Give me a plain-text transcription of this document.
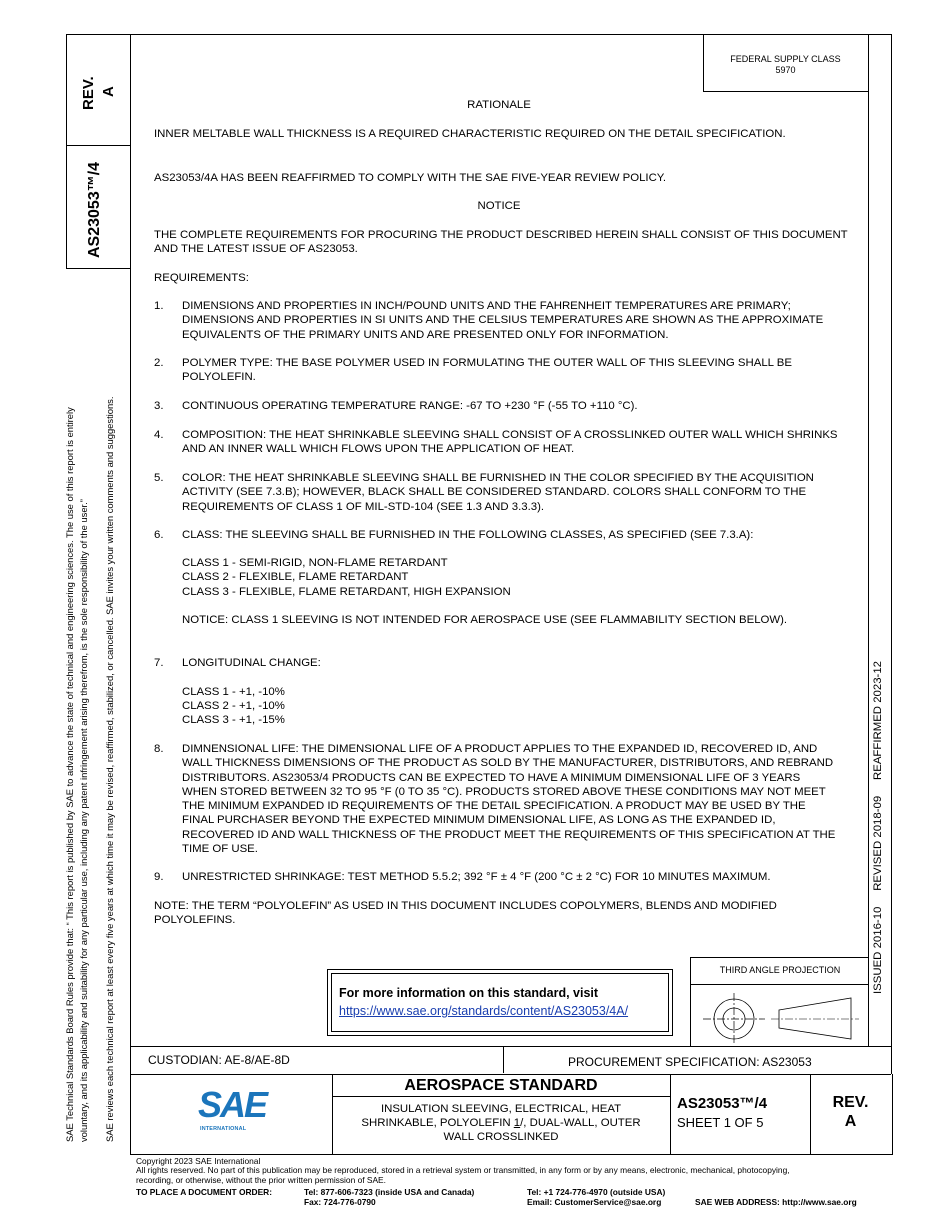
FEDERAL SUPPLY CLASS
5970
REV. A
AS23053™/4
SAE Technical Standards Board Rules provide that: “ This report is published by SAE to advance the state of technical and engineering sciences. The use of this report is entirely voluntary, and its applicability and suitability for any particular use, including any patent infringement arising therefrom, is the sole responsibility of the user.” SAE reviews each technical report at least every five years at which time it may be revised, reaffirmed, stabilized, or cancelled. SAE invites your written comments and suggestions.	ISSUED 2016-10     REVISED 2018-09     REAFFIRMED 2023-12
RATIONALE
INNER MELTABLE WALL THICKNESS IS A REQUIRED CHARACTERISTIC REQUIRED ON THE DETAIL SPECIFICATION.
AS23053/4A HAS BEEN REAFFIRMED TO COMPLY WITH THE SAE FIVE-YEAR REVIEW POLICY.
NOTICE
THE COMPLETE REQUIREMENTS FOR PROCURING THE PRODUCT DESCRIBED HEREIN SHALL CONSIST OF THIS DOCUMENT AND THE LATEST ISSUE OF AS23053.
REQUIREMENTS:
1. DIMENSIONS AND PROPERTIES IN INCH/POUND UNITS AND THE FAHRENHEIT TEMPERATURES ARE PRIMARY; DIMENSIONS AND PROPERTIES IN SI UNITS AND THE CELSIUS TEMPERATURES ARE SHOWN AS THE APPROXIMATE EQUIVALENTS OF THE PRIMARY UNITS AND ARE PRESENTED ONLY FOR INFORMATION.
2. POLYMER TYPE: THE BASE POLYMER USED IN FORMULATING THE OUTER WALL OF THIS SLEEVING SHALL BE POLYOLEFIN.
3. CONTINUOUS OPERATING TEMPERATURE RANGE: -67 TO +230 °F (-55 TO +110 °C).
4. COMPOSITION: THE HEAT SHRINKABLE SLEEVING SHALL CONSIST OF A CROSSLINKED OUTER WALL WHICH SHRINKS AND AN INNER WALL WHICH FLOWS UPON THE APPLICATION OF HEAT.
5. COLOR: THE HEAT SHRINKABLE SLEEVING SHALL BE FURNISHED IN THE COLOR SPECIFIED BY THE ACQUISITION ACTIVITY (SEE 7.3.B); HOWEVER, BLACK SHALL BE CONSIDERED STANDARD. COLORS SHALL CONFORM TO THE REQUIREMENTS OF CLASS 1 OF MIL-STD-104 (SEE 1.3 AND 3.3.3).
6. CLASS: THE SLEEVING SHALL BE FURNISHED IN THE FOLLOWING CLASSES, AS SPECIFIED (SEE 7.3.A):
CLASS 1 - SEMI-RIGID, NON-FLAME RETARDANT
CLASS 2 - FLEXIBLE, FLAME RETARDANT
CLASS 3 - FLEXIBLE, FLAME RETARDANT, HIGH EXPANSION
NOTICE: CLASS 1 SLEEVING IS NOT INTENDED FOR AEROSPACE USE (SEE FLAMMABILITY SECTION BELOW).
7. LONGITUDINAL CHANGE:
CLASS 1 - +1, -10%
CLASS 2 - +1, -10%
CLASS 3 - +1, -15%
8. DIMNENSIONAL LIFE: THE DIMENSIONAL LIFE OF A PRODUCT APPLIES TO THE EXPANDED ID, RECOVERED ID, AND WALL THICKNESS DIMENSIONS OF THE PRODUCT AS SOLD BY THE MANUFACTURER, DISTRIBUTORS, AND REBRAND DISTRIBUTORS. AS23053/4 PRODUCTS CAN BE EXPECTED TO HAVE A MINIMUM DIMENSIONAL LIFE OF 3 YEARS WHEN STORED BETWEEN 32 TO 95 °F (0 TO 35 °C). PRODUCTS STORED ABOVE THESE CONDITIONS MAY NOT MEET THE MINIMUM EXPANDED ID REQUIREMENTS OF THE DETAIL SPECIFICATION. A PRODUCT MAY BE USED BY THE FINAL PURCHASER BEYOND THE EXPECTED MINIMUM DIMENSIONAL LIFE, AS LONG AS THE EXPANDED ID, RECOVERED ID AND WALL THICKNESS OF THE PRODUCT MEET THE REQUIREMENTS OF THIS SPECIFICATION AT THE TIME OF USE.
9. UNRESTRICTED SHRINKAGE: TEST METHOD 5.5.2; 392 °F ± 4 °F (200 °C ± 2 °C) FOR 10 MINUTES MAXIMUM.
NOTE: THE TERM “POLYOLEFIN” AS USED IN THIS DOCUMENT INCLUDES COPOLYMERS, BLENDS AND MODIFIED POLYOLEFINS.
For more information on this standard, visit
https://www.sae.org/standards/content/AS23053/4A/
THIRD ANGLE PROJECTION
CUSTODIAN: AE-8/AE-8D	PROCUREMENT SPECIFICATION: AS23053
SAE
INTERNATIONAL
AEROSPACE STANDARD
INSULATION SLEEVING, ELECTRICAL, HEAT
SHRINKABLE, POLYOLEFIN 1/, DUAL-WALL, OUTER
WALL CROSSLINKED
AS23053™/4
SHEET 1 OF 5
REV.
A
Copyright 2023 SAE International
All rights reserved. No part of this publication may be reproduced, stored in a retrieval system or transmitted, in any form or by any means, electronic, mechanical, photocopying,
recording, or otherwise, without the prior written permission of SAE.
TO PLACE A DOCUMENT ORDER:	Tel: 877-606-7323 (inside USA and Canada)
Fax: 724-776-0790
Tel: +1 724-776-4970 (outside USA)
Email: CustomerService@sae.org	SAE WEB ADDRESS: http://www.sae.org
